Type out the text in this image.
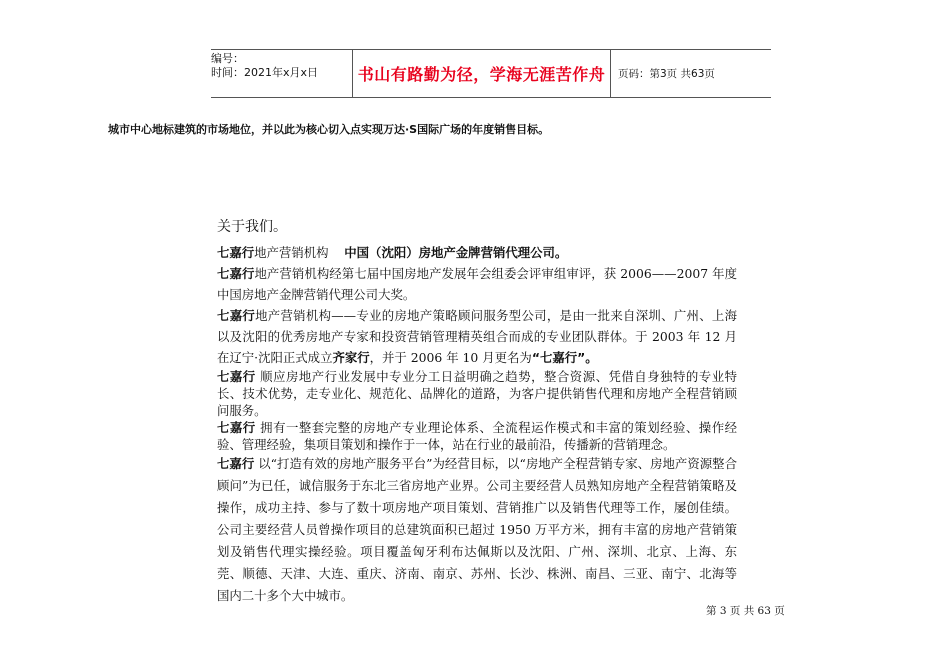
编号：
时间：2021年x月x日	书山有路勤为径，学海无涯苦作舟 页码：第3页 共63页
城市中心地标建筑的市场地位，并以此为核心切入点实现万达·S国际广场的年度销售目标。
关于我们。
七嘉行地产营销机构 中国（沈阳）房地产金牌营销代理公司。
七嘉行地产营销机构经第七届中国房地产发展年会组委会评审组审评，获 2006——2007 年度中国房地产金牌营销代理公司大奖。
七嘉行地产营销机构——专业的房地产策略顾问服务型公司，是由一批来自深圳、广州、上海以及沈阳的优秀房地产专家和投资营销管理精英组合而成的专业团队群体。于 2003 年 12 月在辽宁·沈阳正式成立齐家行，并于 2006 年 10 月更名为“七嘉行”。
七嘉行 顺应房地产行业发展中专业分工日益明确之趋势，整合资源、凭借自身独特的专业特长、技术优势，走专业化、规范化、品牌化的道路，为客户提供销售代理和房地产全程营销顾问服务。
七嘉行 拥有一整套完整的房地产专业理论体系、全流程运作模式和丰富的策划经验、操作经验、管理经验，集项目策划和操作于一体，站在行业的最前沿，传播新的营销理念。
七嘉行 以“打造有效的房地产服务平台”为经营目标，以“房地产全程营销专家、房地产资源整合顾问”为已任，诚信服务于东北三省房地产业界。公司主要经营人员熟知房地产全程营销策略及操作，成功主持、参与了数十项房地产项目策划、营销推广以及销售代理等工作，屡创佳绩。公司主要经营人员曾操作项目的总建筑面积已超过 1950 万平方米，拥有丰富的房地产营销策划及销售代理实操经验。项目覆盖匈牙利布达佩斯以及沈阳、广州、深圳、北京、上海、东莞、顺德、天津、大连、重庆、济南、南京、苏州、长沙、株洲、南昌、三亚、南宁、北海等国内二十多个大中城市。
第 3 页 共 63 页
